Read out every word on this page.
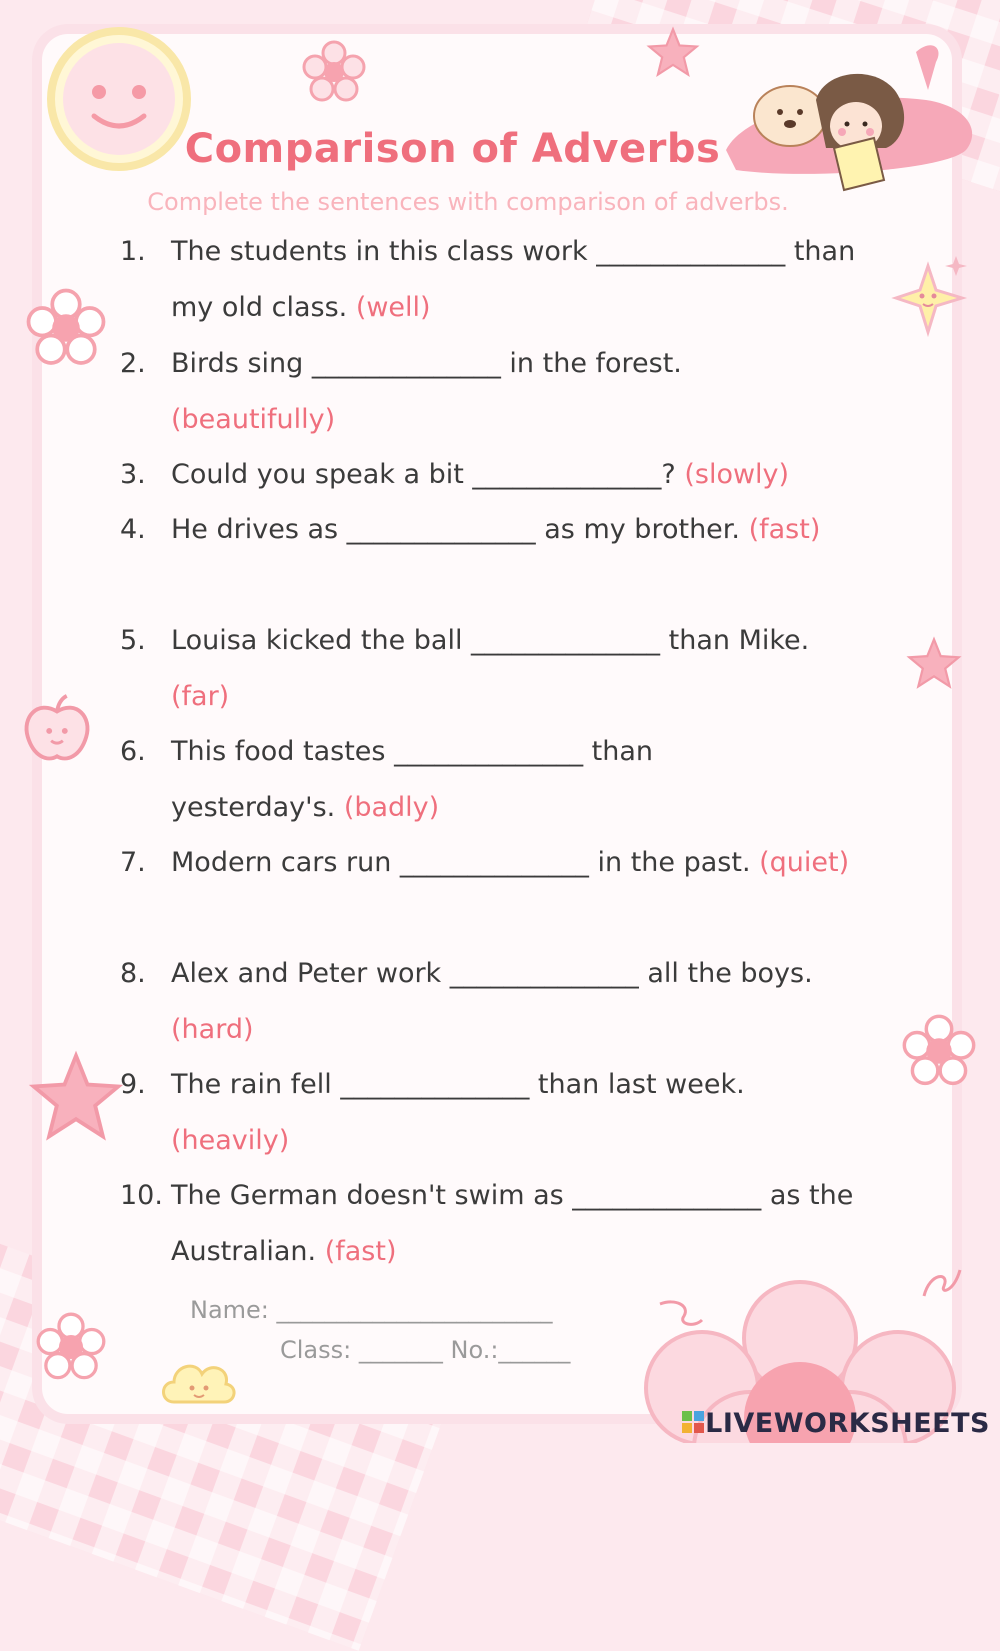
Comparison of Adverbs
Complete the sentences with comparison of adverbs.
1. The students in this class work ______________ than my old class. (well)
2. Birds sing ______________ in the forest. (beautifully)
3. Could you speak a bit ______________? (slowly)
4. He drives as ______________ as my brother. (fast)
5. Louisa kicked the ball ______________ than Mike. (far)
6. This food tastes ______________ than yesterday's. (badly)
7. Modern cars run ______________ in the past. (quiet)
8. Alex and Peter work ______________ all the boys. (hard)
9. The rain fell ______________ than last week. (heavily)
10. The German doesn't swim as ______________ as the Australian. (fast)
Name: _______________________
Class: _______ No.:______
LIVEWORKSHEETS
